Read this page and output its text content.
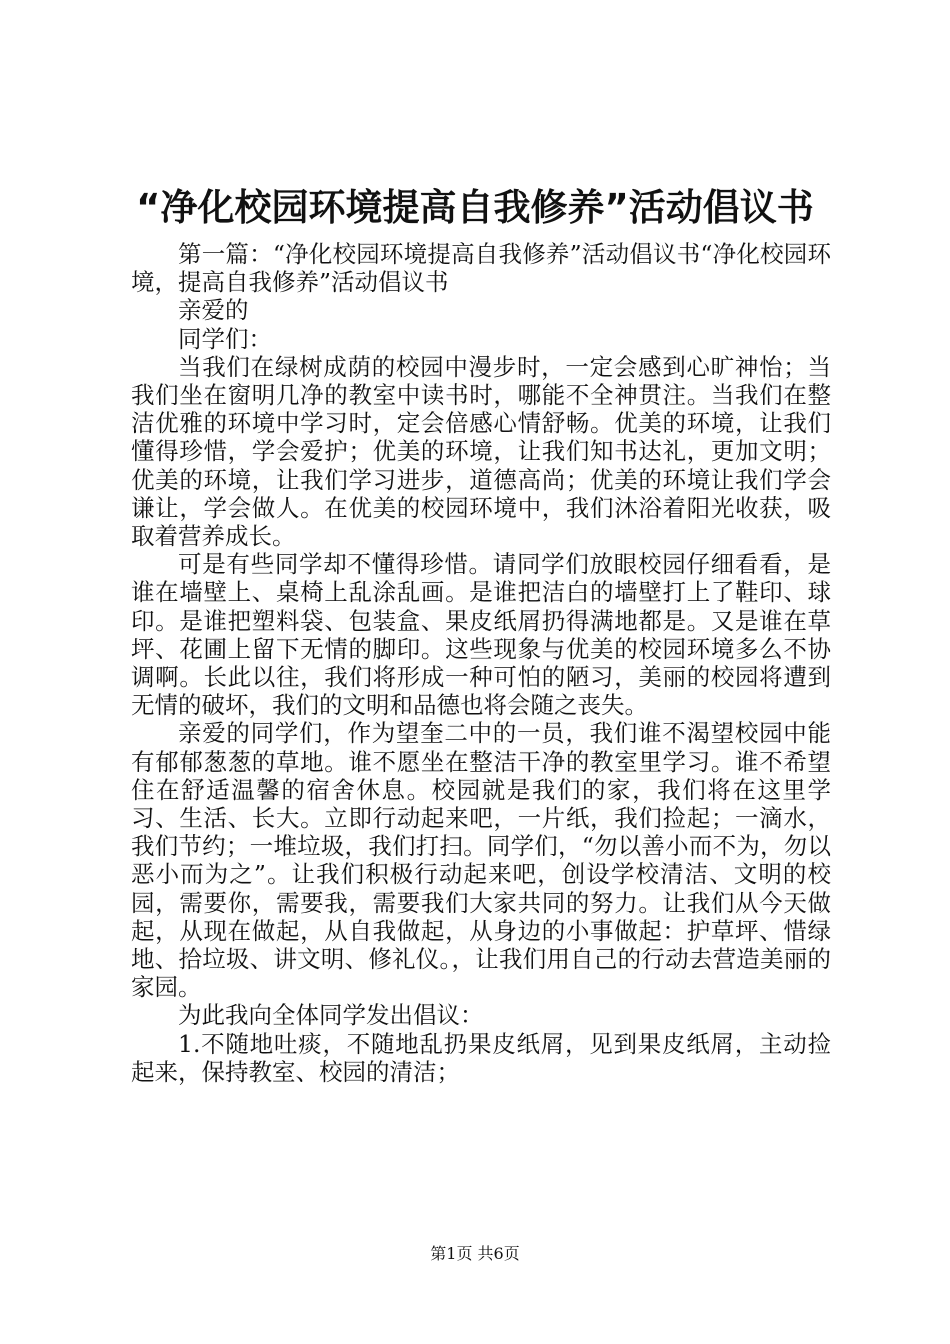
“净化校园环境提高自我修养”活动倡议书

第一篇：“净化校园环境提高自我修养”活动倡议书“净化校园环境，提高自我修养”活动倡议书

亲爱的

同学们：

当我们在绿树成荫的校园中漫步时，一定会感到心旷神怡；当我们坐在窗明几净的教室中读书时，哪能不全神贯注。当我们在整洁优雅的环境中学习时，定会倍感心情舒畅。优美的环境，让我们懂得珍惜，学会爱护；优美的环境，让我们知书达礼，更加文明；优美的环境，让我们学习进步，道德高尚；优美的环境让我们学会谦让，学会做人。在优美的校园环境中，我们沐浴着阳光收获，吸取着营养成长。

可是有些同学却不懂得珍惜。请同学们放眼校园仔细看看，是谁在墙壁上、桌椅上乱涂乱画。是谁把洁白的墙壁打上了鞋印、球印。是谁把塑料袋、包装盒、果皮纸屑扔得满地都是。又是谁在草坪、花圃上留下无情的脚印。这些现象与优美的校园环境多么不协调啊。长此以往，我们将形成一种可怕的陋习，美丽的校园将遭到无情的破坏，我们的文明和品德也将会随之丧失。

亲爱的同学们，作为望奎二中的一员，我们谁不渴望校园中能有郁郁葱葱的草地。谁不愿坐在整洁干净的教室里学习。谁不希望住在舒适温馨的宿舍休息。校园就是我们的家，我们将在这里学习、生活、长大。立即行动起来吧，一片纸，我们捡起；一滴水，我们节约；一堆垃圾，我们打扫。同学们，“勿以善小而不为，勿以恶小而为之”。让我们积极行动起来吧，创设学校清洁、文明的校园，需要你，需要我，需要我们大家共同的努力。让我们从今天做起，从现在做起，从自我做起，从身边的小事做起：护草坪、惜绿地、拾垃圾、讲文明、修礼仪。，让我们用自己的行动去营造美丽的家园。

为此我向全体同学发出倡议：

1.不随地吐痰，不随地乱扔果皮纸屑，见到果皮纸屑，主动捡起来，保持教室、校园的清洁；

第1页 共6页
